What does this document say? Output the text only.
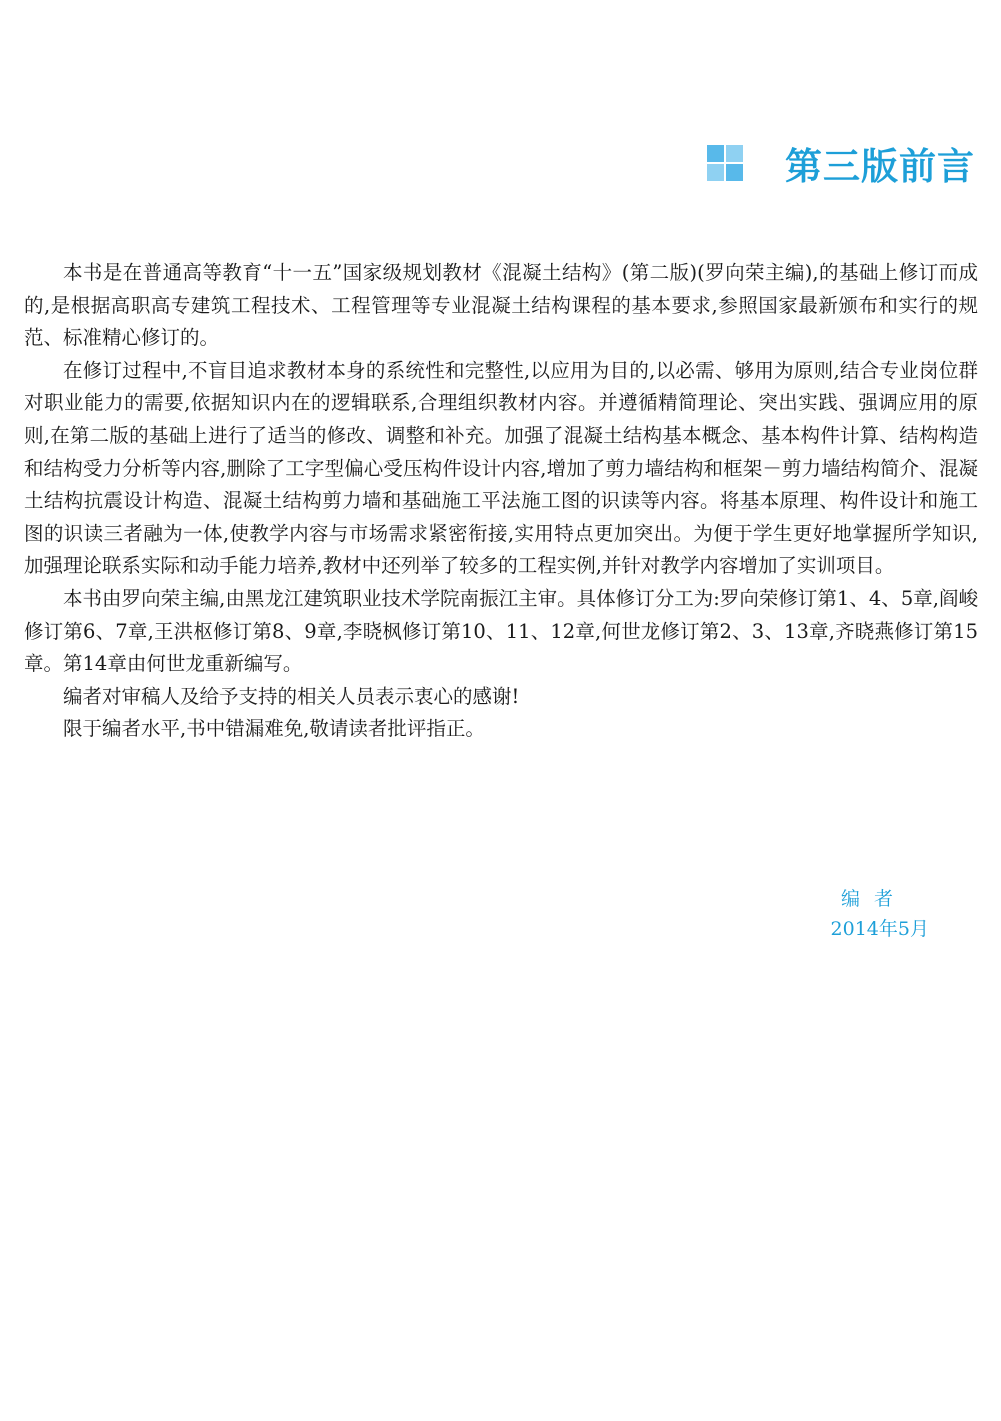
第三版前言

本书是在普通高等教育“十一五”国家级规划教材《混凝土结构》(第二版)(罗向荣主编),的基础上修订而成的,是根据高职高专建筑工程技术、工程管理等专业混凝土结构课程的基本要求,参照国家最新颁布和实行的规范、标准精心修订的。

在修订过程中,不盲目追求教材本身的系统性和完整性,以应用为目的,以必需、够用为原则,结合专业岗位群对职业能力的需要,依据知识内在的逻辑联系,合理组织教材内容。并遵循精简理论、突出实践、强调应用的原则,在第二版的基础上进行了适当的修改、调整和补充。加强了混凝土结构基本概念、基本构件计算、结构构造和结构受力分析等内容,删除了工字型偏心受压构件设计内容,增加了剪力墙结构和框架－剪力墙结构简介、混凝土结构抗震设计构造、混凝土结构剪力墙和基础施工平法施工图的识读等内容。将基本原理、构件设计和施工图的识读三者融为一体,使教学内容与市场需求紧密衔接,实用特点更加突出。为便于学生更好地掌握所学知识,加强理论联系实际和动手能力培养,教材中还列举了较多的工程实例,并针对教学内容增加了实训项目。

本书由罗向荣主编,由黑龙江建筑职业技术学院南振江主审。具体修订分工为:罗向荣修订第1、4、5章,阎峻修订第6、7章,王洪枢修订第8、9章,李晓枫修订第10、11、12章,何世龙修订第2、3、13章,齐晓燕修订第15章。第14章由何世龙重新编写。

编者对审稿人及给予支持的相关人员表示衷心的感谢!

限于编者水平,书中错漏难免,敬请读者批评指正。

编者
2014年5月
